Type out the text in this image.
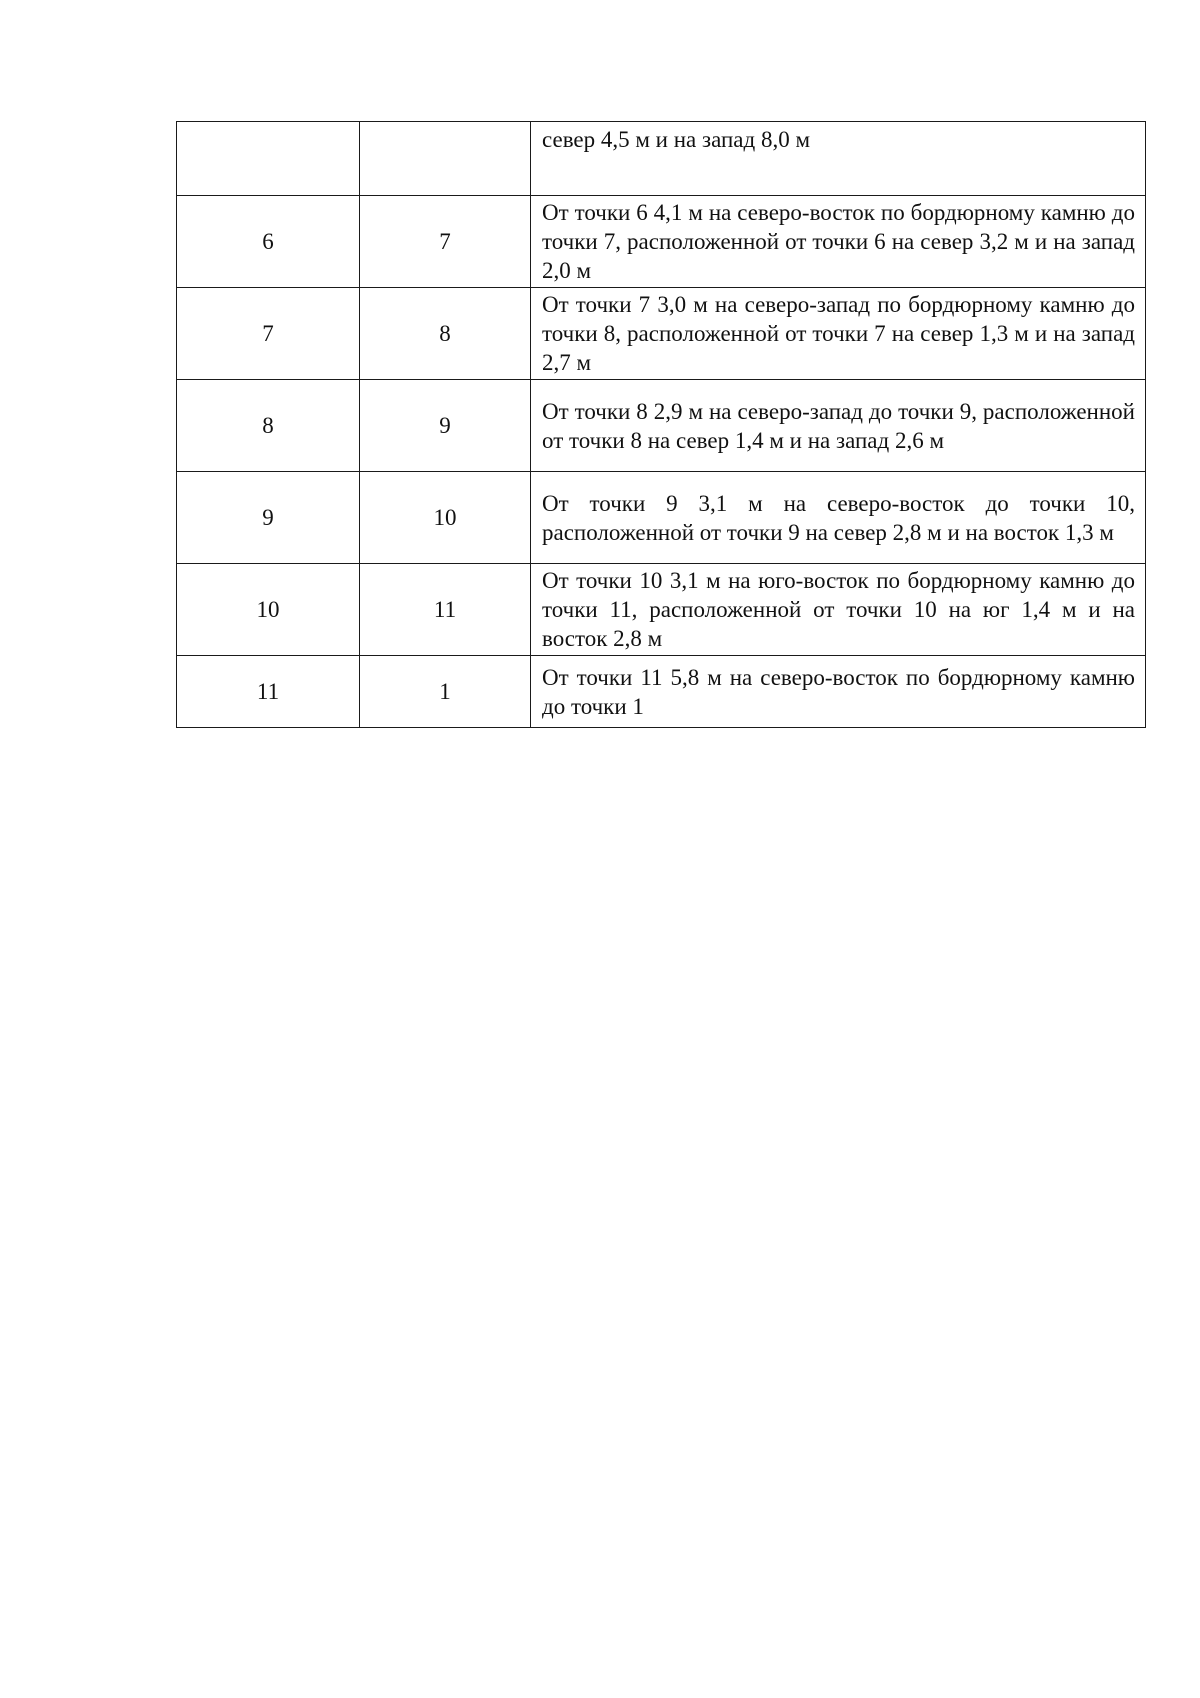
		север 4,5 м и на запад 8,0 м
6	7	От точки 6 4,1 м на северо-восток по бордюрному камню до точки 7, расположенной от точки 6 на север 3,2 м и на запад 2,0 м
7	8	От точки 7 3,0 м на северо-запад по бордюрному камню до точки 8, расположенной от точки 7 на север 1,3 м и на запад 2,7 м
8	9	От точки 8 2,9 м на северо-запад до точки 9, расположенной от точки 8 на север 1,4 м и на запад 2,6 м
9	10	От точки 9 3,1 м на северо-восток до точки 10, расположенной от точки 9 на север 2,8 м и на восток 1,3 м
10	11	От точки 10 3,1 м на юго-восток по бордюрному камню до точки 11, расположенной от точки 10 на юг 1,4 м и на восток 2,8 м
11	1	От точки 11 5,8 м на северо-восток по бордюрному камню до точки 1
